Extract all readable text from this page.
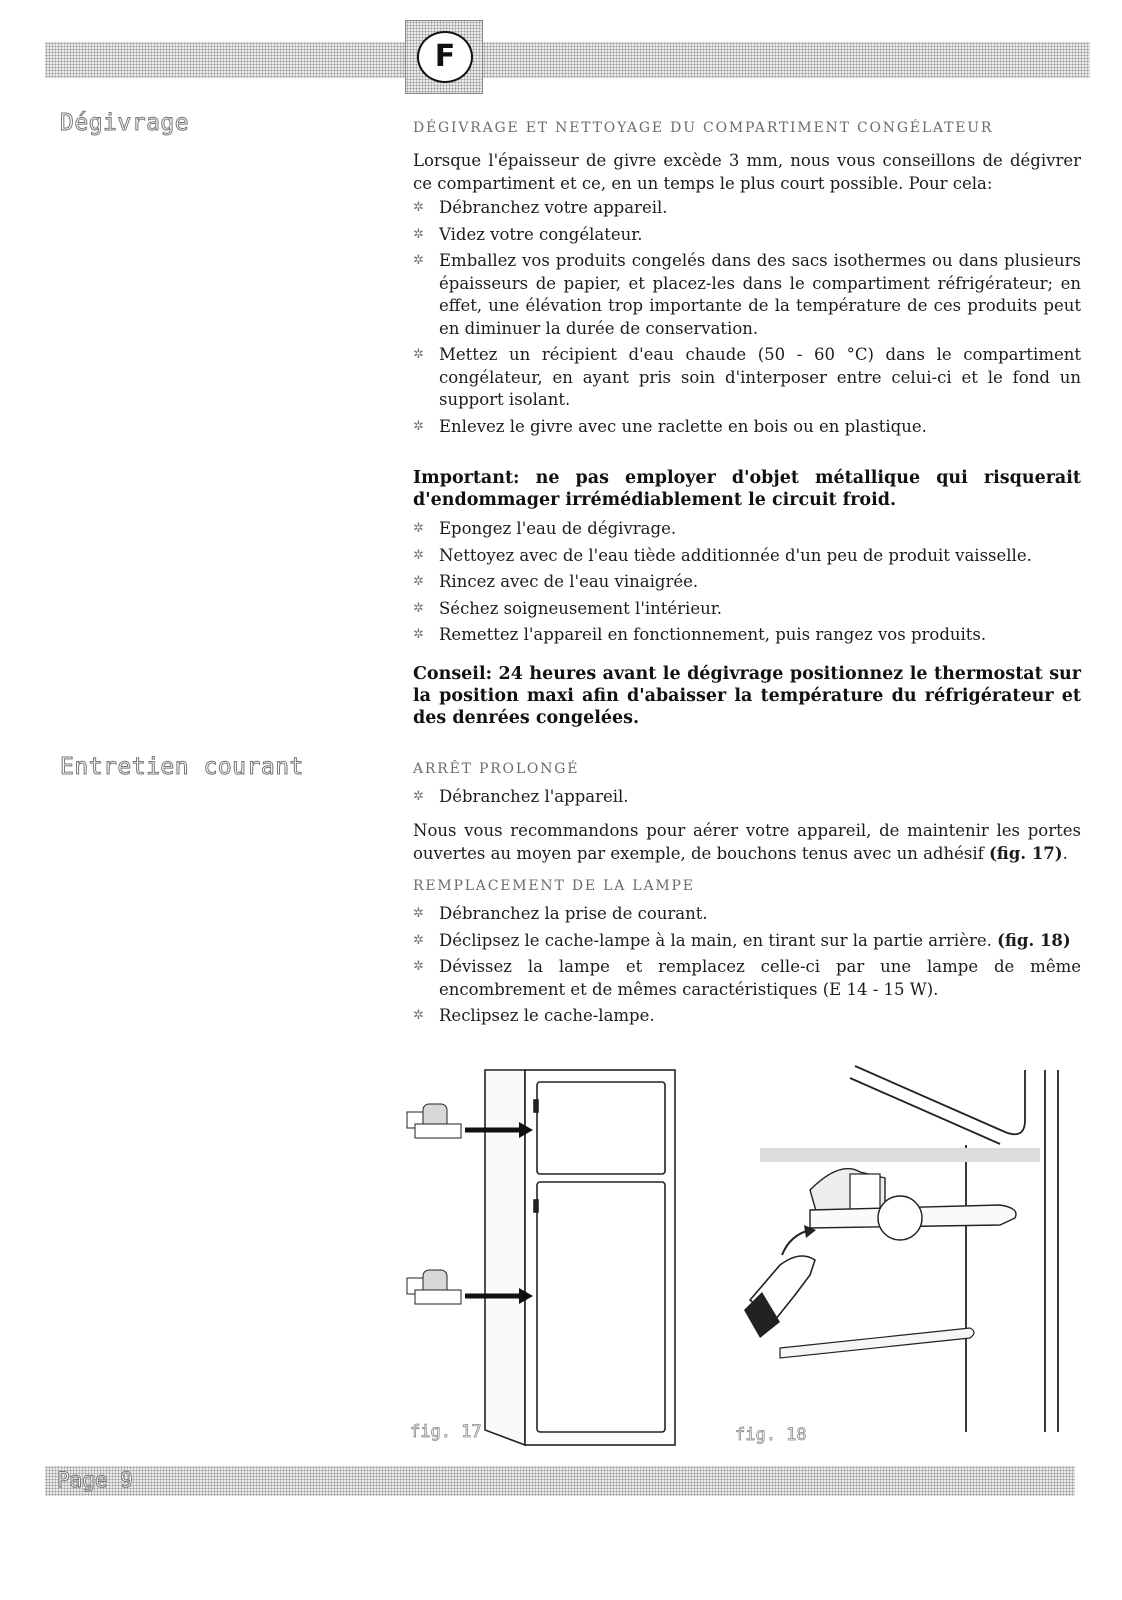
F
Dégivrage
Entretien courant
DÉGIVRAGE ET NETTOYAGE DU COMPARTIMENT CONGÉLATEUR
Lorsque l'épaisseur de givre excède 3 mm, nous vous conseillons de dégivrer ce compartiment et ce, en un temps le plus court possible. Pour cela:
✲ Débranchez votre appareil.
✲ Videz votre congélateur.
✲ Emballez vos produits congelés dans des sacs isothermes ou dans plusieurs épaisseurs de papier, et placez-les dans le compartiment réfrigérateur; en effet, une élévation trop importante de la température de ces produits peut en diminuer la durée de conservation.
✲ Mettez un récipient d'eau chaude (50 - 60 °C) dans le compartiment congélateur, en ayant pris soin d'interposer entre celui-ci et le fond un support isolant.
✲ Enlevez le givre avec une raclette en bois ou en plastique.
Important: ne pas employer d'objet métallique qui risquerait d'endommager irrémédiablement le circuit froid.
✲ Epongez l'eau de dégivrage.
✲ Nettoyez avec de l'eau tiède additionnée d'un peu de produit vaisselle.
✲ Rincez avec de l'eau vinaigrée.
✲ Séchez soigneusement l'intérieur.
✲ Remettez l'appareil en fonctionnement, puis rangez vos produits.
Conseil: 24 heures avant le dégivrage positionnez le thermostat sur la position maxi afin d'abaisser la température du réfrigérateur et des denrées congelées.
ARRÊT PROLONGÉ
✲ Débranchez l'appareil.
Nous vous recommandons pour aérer votre appareil, de maintenir les portes ouvertes au moyen par exemple, de bouchons tenus avec un adhésif (fig. 17).
REMPLACEMENT DE LA LAMPE
✲ Débranchez la prise de courant.
✲ Déclipsez le cache-lampe à la main, en tirant sur la partie arrière. (fig. 18)
✲ Dévissez la lampe et remplacez celle-ci par une lampe de même encombrement et de mêmes caractéristiques (E 14 - 15 W).
✲ Reclipsez le cache-lampe.
fig. 17	fig. 18
Page 9
